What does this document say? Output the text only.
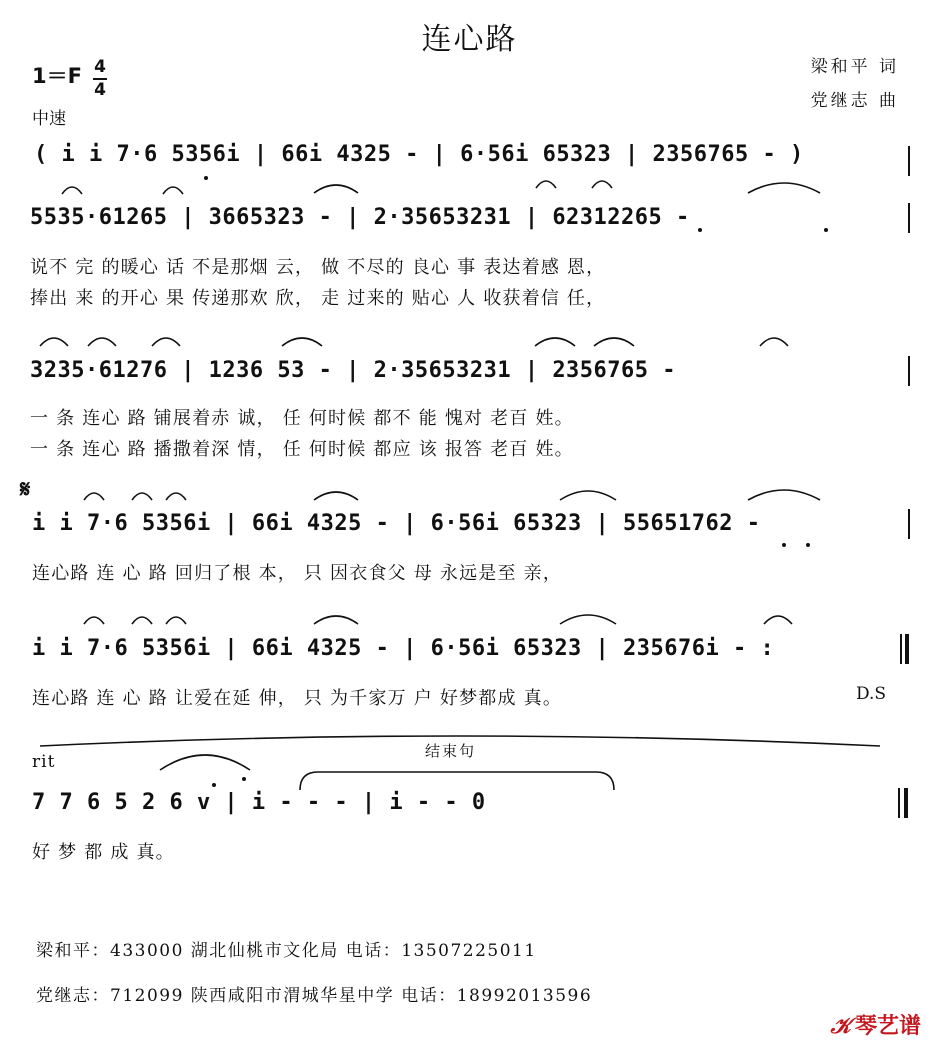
连心路
梁和平 词
党继志 曲
1＝F 4
4
中速
( i i 7·6 5356i | 66i 4325 - | 6·56i 65323 | 2356765 - )
5535·61265 | 3665323 - | 2·35653231 | 62312265 -
说不 完 的暖心 话 不是那烟 云， 做 不尽的 良心 事 表达着感 恩，
捧出 来 的开心 果 传递那欢 欣， 走 过来的 贴心 人 收获着信 任，
3235·61276 | 1236 53 - | 2·35653231 | 2356765 -
一 条 连心 路 铺展着赤 诚， 任 何时候 都不 能 愧对 老百 姓。
一 条 连心 路 播撒着深 情， 任 何时候 都应 该 报答 老百 姓。
𝄋
i i 7·6 5356i | 66i 4325 - | 6·56i 65323 | 55651762 -
连心路 连 心 路 回归了根 本， 只 因衣食父 母 永远是至 亲，
i i 7·6 5356i | 66i 4325 - | 6·56i 65323 | 235676i - :
连心路 连 心 路 让爱在延 伸， 只 为千家万 户 好梦都成 真。	D.S
rit
结束句
7 7 6 5 2 6 v | i - - - | i - - 0
好 梦 都 成 真。
梁和平：433000 湖北仙桃市文化局 电话：13507225011
党继志：712099 陕西咸阳市渭城华星中学 电话：18992013596
𝒦 琴艺谱
